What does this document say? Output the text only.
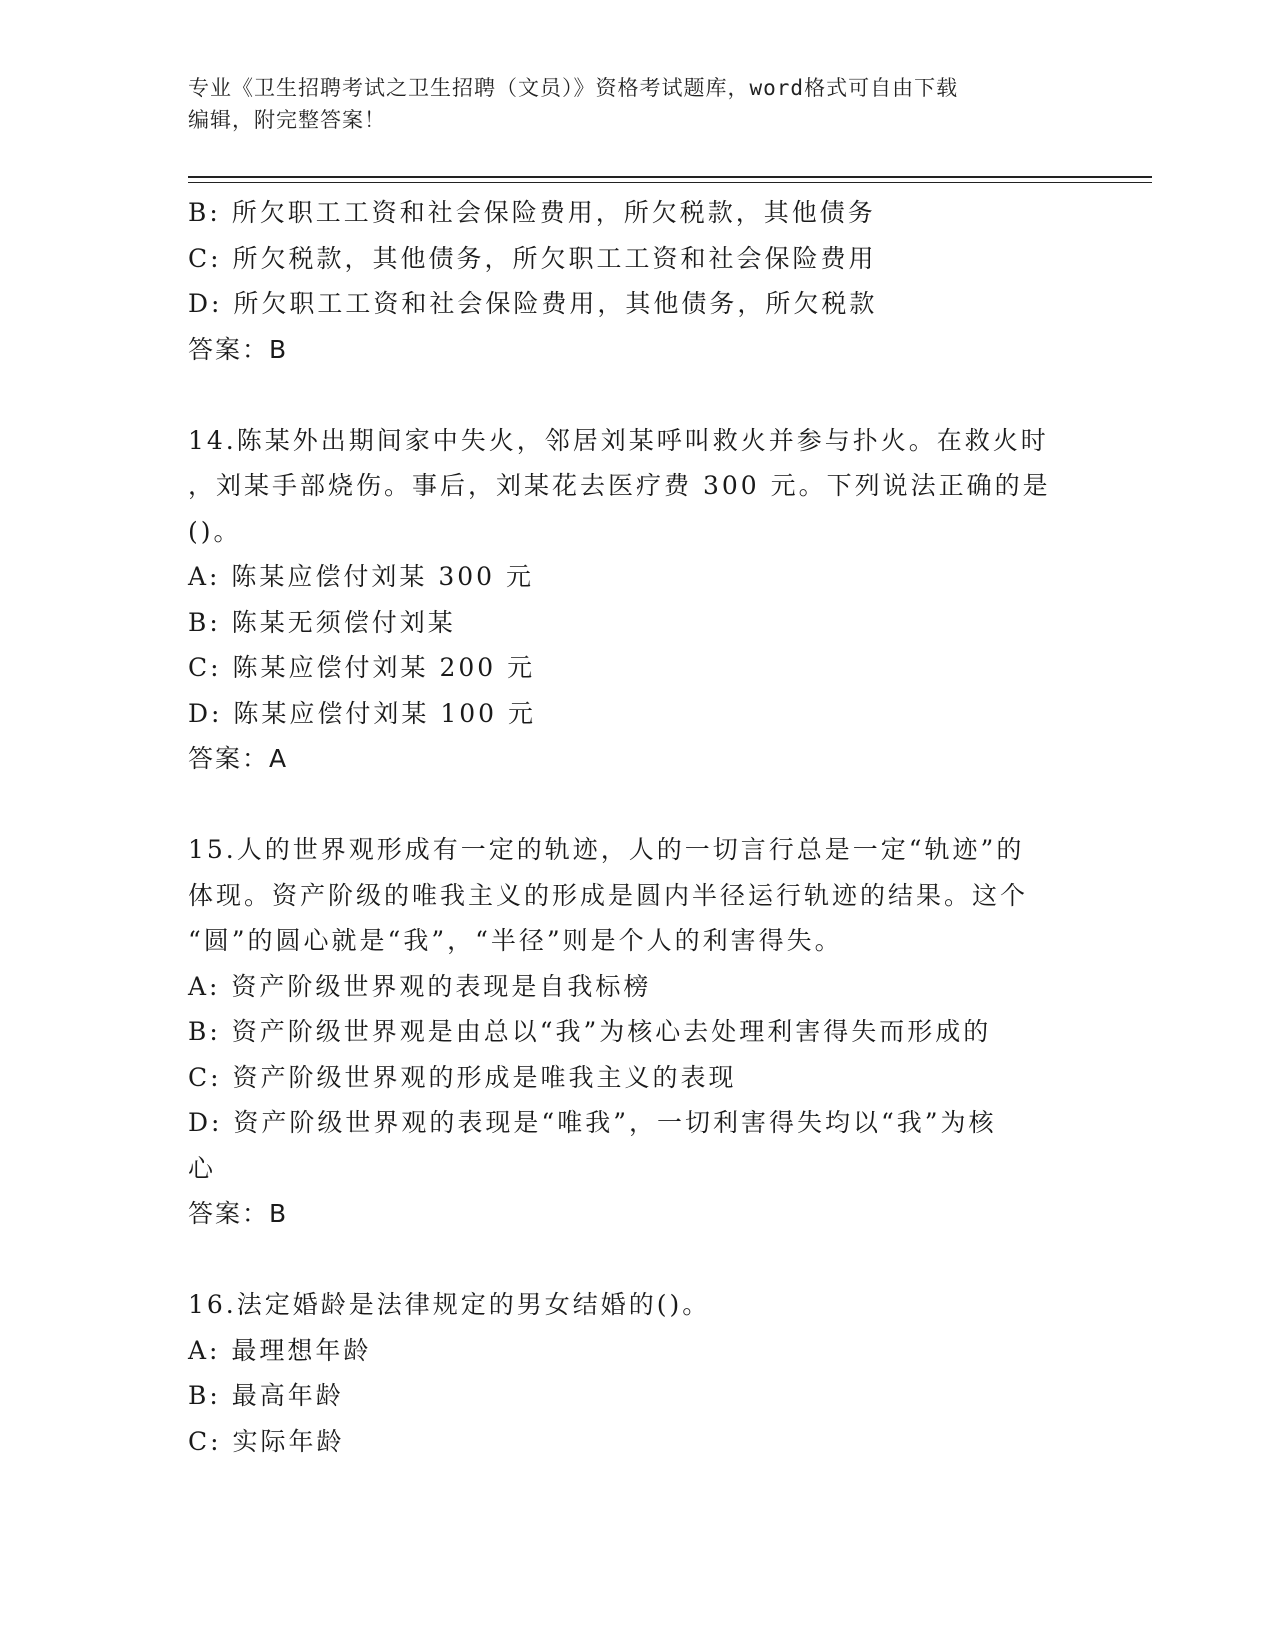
专业《卫生招聘考试之卫生招聘（文员）》资格考试题库，word格式可自由下载
编辑，附完整答案！
B: 所欠职工工资和社会保险费用，所欠税款，其他债务
C: 所欠税款，其他债务，所欠职工工资和社会保险费用
D: 所欠职工工资和社会保险费用，其他债务，所欠税款
答案：B
14.陈某外出期间家中失火，邻居刘某呼叫救火并参与扑火。在救火时
，刘某手部烧伤。事后，刘某花去医疗费 300 元。下列说法正确的是
()。
A: 陈某应偿付刘某 300 元
B: 陈某无须偿付刘某
C: 陈某应偿付刘某 200 元
D: 陈某应偿付刘某 100 元
答案：A
15.人的世界观形成有一定的轨迹，人的一切言行总是一定“轨迹”的
体现。资产阶级的唯我主义的形成是圆内半径运行轨迹的结果。这个
“圆”的圆心就是“我”，“半径”则是个人的利害得失。
A: 资产阶级世界观的表现是自我标榜
B: 资产阶级世界观是由总以“我”为核心去处理利害得失而形成的
C: 资产阶级世界观的形成是唯我主义的表现
D: 资产阶级世界观的表现是“唯我”，一切利害得失均以“我”为核
心
答案：B
16.法定婚龄是法律规定的男女结婚的()。
A: 最理想年龄
B: 最高年龄
C: 实际年龄
